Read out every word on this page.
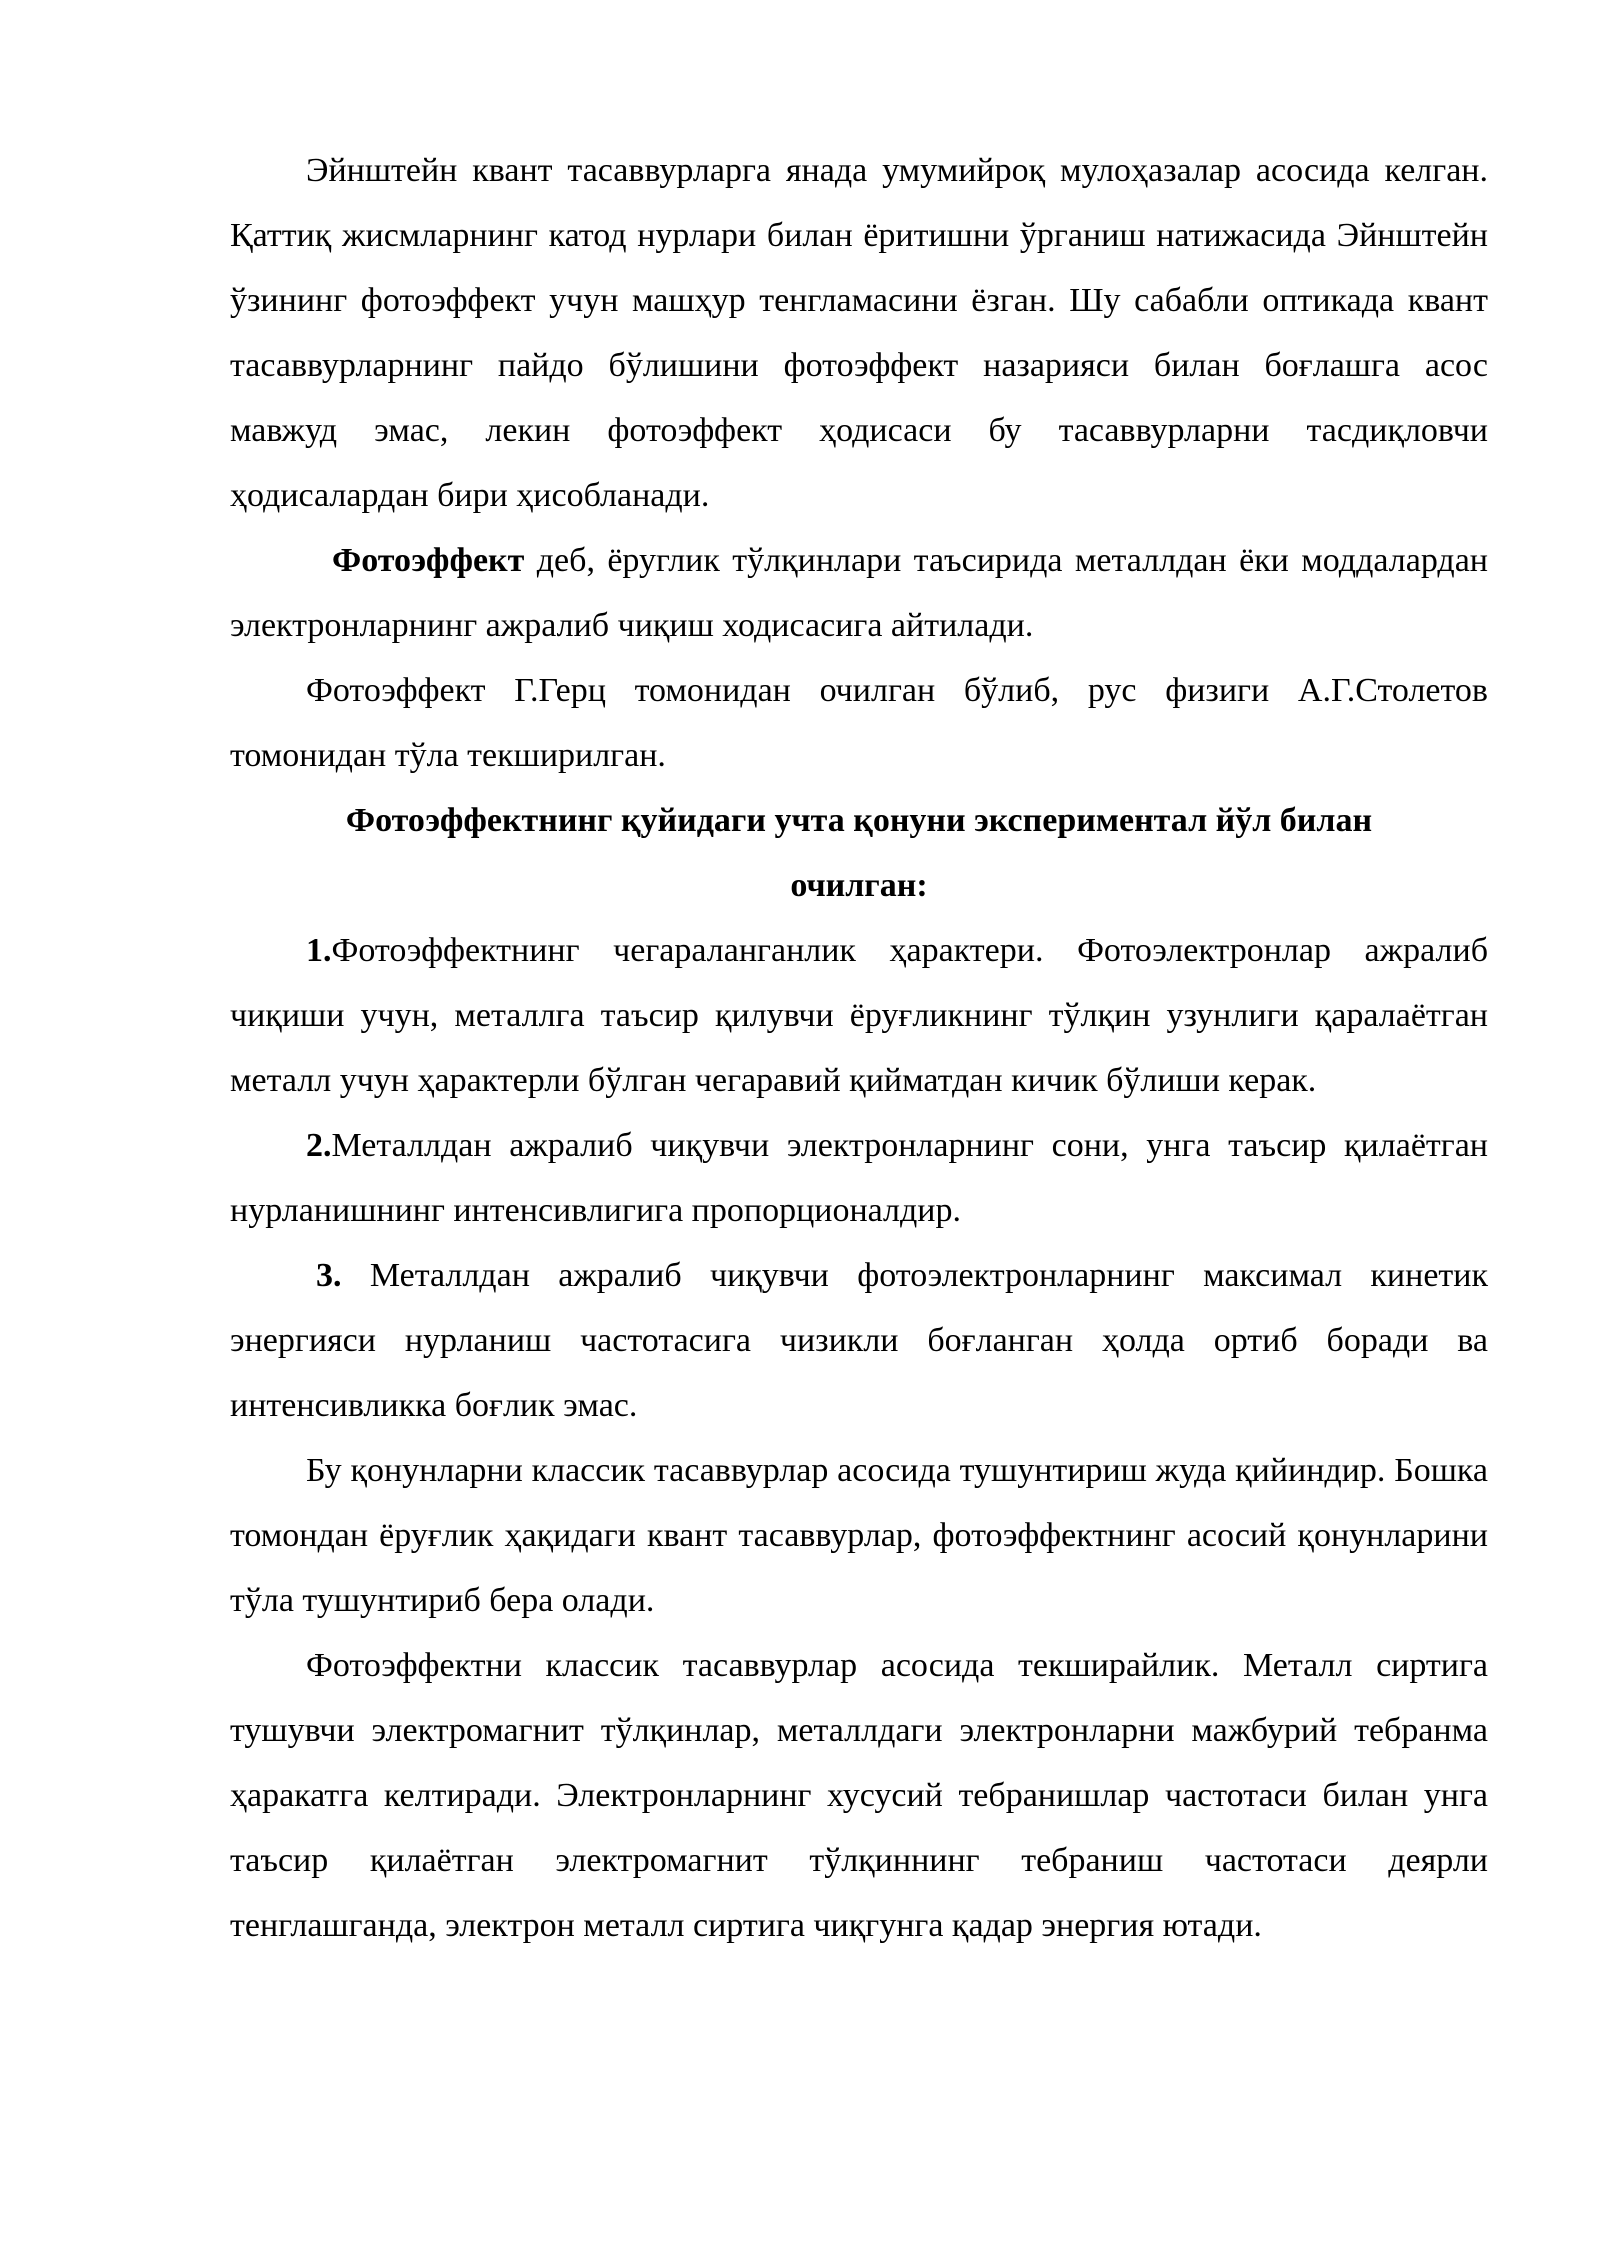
Эйнштейн квант тасаввурларга янада умумийроқ мулоҳазалар асосида келган. Қаттиқ жисмларнинг катод нурлари билан ёритишни ўрганиш натижасида Эйнштейн ўзининг фотоэффект учун машҳур тенгламасини ёзган. Шу сабабли оптикада квант тасаввурларнинг пайдо бўлишини фотоэффект назарияси билан боғлашга асос мавжуд эмас, лекин фотоэффект ҳодисаси бу тасаввурларни тасдиқловчи ҳодисалардан бири ҳисобланади.

Фотоэффект деб, ёруглик тўлқинлари таъсирида металлдан ёки моддалардан электронларнинг ажралиб чиқиш ходисасига айтилади.

Фотоэффект Г.Герц томонидан очилган бўлиб, рус физиги А.Г.Столетов томонидан тўла текширилган.

Фотоэффектнинг қуйидаги учта қонуни экспериментал йўл билан
очилган:

1.Фотоэффектнинг чегараланганлик ҳарактери. Фотоэлектронлар ажралиб чиқиши учун, металлга таъсир қилувчи ёруғликнинг тўлқин узунлиги қаралаётган металл учун ҳарактерли бўлган чегаравий қийматдан кичик бўлиши керак.

2.Металлдан ажралиб чиқувчи электронларнинг сони, унга таъсир қилаётган нурланишнинг интенсивлигига пропорционалдир.

3. Металлдан ажралиб чиқувчи фотоэлектронларнинг максимал кинетик энергияси нурланиш частотасига чизикли боғланган ҳолда ортиб боради ва интенсивликка боғлик эмас.

Бу қонунларни классик тасаввурлар асосида тушунтириш жуда қийиндир. Бошка томондан ёруғлик ҳақидаги квант тасаввурлар, фотоэффектнинг асосий қонунларини тўла тушунтириб бера олади.

Фотоэффектни классик тасаввурлар асосида текширайлик. Металл сиртига тушувчи электромагнит тўлқинлар, металлдаги электронларни мажбурий тебранма ҳаракатга келтиради. Электронларнинг хусусий тебранишлар частотаси билан унга таъсир қилаётган электромагнит тўлқиннинг тебраниш частотаси деярли тенглашганда, электрон металл сиртига чиқгунга қадар энергия ютади.
